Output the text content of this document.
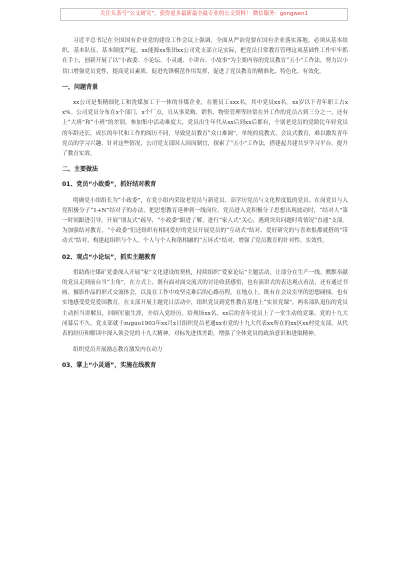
关注头条号“公文研究”，获得更多最新最全最专业的公文资料！ 微信服务：gongwen1

习近平总书记在全国国有企业党的建设工作会议上强调，全面从严治党要在国有企业落实落地，必须从基本组织、基本队伍、基本制度严起。xx能源xx集团xx公司党支部立足实际，把党员日常教育管理这项基础性工作牢牢抓在手上，创新开展了以“小政委、小论坛、小灵通、小讲台、小故事”为主要内容的党员教育“五小”工作法，努力以小切口增强党员党性，提高党员素质，促进先锋模范作用发挥，促进了党员教育的精准化、特色化、有效化。

一、问题背景

xx公司是集精细化工和洗煤加工于一体的非煤企业，在册员工xxx名，其中党员xx名。xx岁以下青年职工占xx%。公司党员分布在x个部门，x个厂点，且从事采购、销售、物资管理等经常在外工作的党员占到三分之一，还有上“大班”和“小班”的差别，参加集中活动难度大。党员出生年代从xx后到xx后都有，个别老党员的党龄比年轻党员的年龄还长，成长的年代和工作的阅历不同，导致党员教育“众口难调”，单纯的说教式、会议式教育，难以激发青年党员的学习兴趣、针对这些情况，公司党支部因人因岗制宜，探索了“五小”工作法，搭建起共建共享学习平台，提升了教育实效。

二、主要做法

01、党员“小政委”，抓好结对教育

明确党小组组长为“小政委”，在党小组内采取老党员与新党员、高学历党员与文化程度低的党员、在岗党员与入党积极分子“1+N”结对子的办法，把思想教育延伸到一线岗位、党员进入党积极分子思想出现波动时，“结对人”第一时间跟进引导，开展“朋友式”疏导，“小政委”跟进了解，进行“家人式”关心，遇到突出问题时将情况“直通”支部。为加强结对教育，“小政委”们还组织有相同爱好的党员开展党员的“互动式”结对、爱好研究的与喜欢报都就搭的“带动式”结对，构建起组织与个人、个人与个人和谐相融的“五环式”结对，增强了党员教育的针对性、实效性。

02、观点“小论坛”，抓实主题教育

借助蒋庄煤矿党委深入开展“家”文化建设的契机，持续组织“爱家论坛”主题活动，让部分在生产一线、默默奉献的党员走到前台当“主角”，在方式上，既有面对面交流式的讨论收获感悟，也有演讲式的表达观点看法，还有通过书画、摄影作品的形式交流体会，以及在工作中攻坚克难后的心路历程。在地点上，既有在会议室里的思想碰撞，也有实地感受爱党爱国教育，在支部开展主题党日活动中，组织党员到党性教育基地上“实景党课”，两名部队退伍的党员主动担当讲解员，回顾军旅生涯，介绍入党经历，给现场xx名、xx后的青年党员上了一堂生动的党课。党的十九大闭幕后不久，党支部就于zuguo1903年xx月x日组织党员老通xx市党的十九大代表xx所在的xx区xx村党支部，从代表的经历和解读中深入领会党的十九大精神，对标先进找差距，增强了全体党员的政治意识和进取精神。

组织党员开展励志教育激发内在动力

03、掌上“小灵通”，实施在线教育
